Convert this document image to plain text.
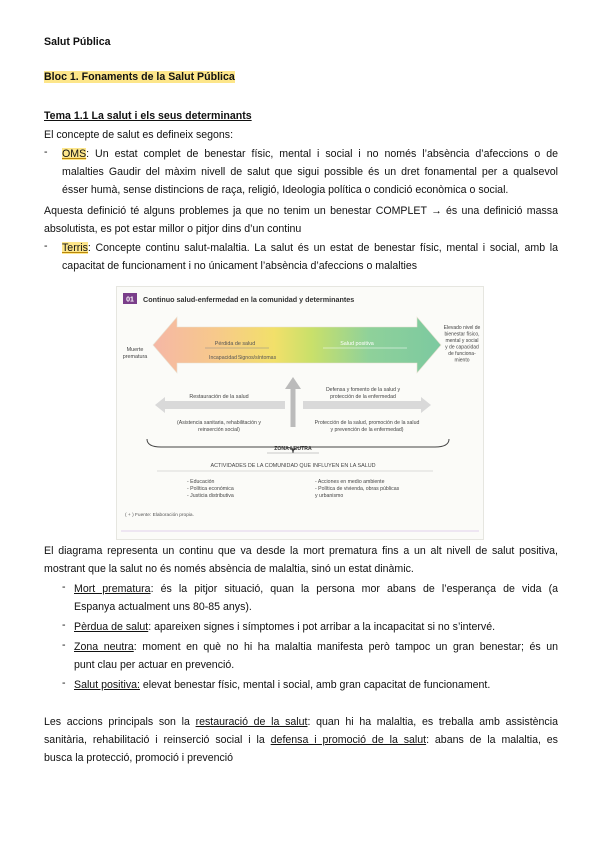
Salut Pública
Bloc 1. Fonaments de la Salut Pública
Tema 1.1 La salut i els seus determinants
El concepte de salut es defineix segons:
- OMS: Un estat complet de benestar físic, mental i social i no només l’absència d’afeccions o de
malalties Gaudir del màxim nivell de salut que sigui possible és un dret fonamental per a qualsevol
ésser humà, sense distincions de raça, religió, Ideologia política o condició econòmica o social.
Aquesta definició té alguns problemes ja que no tenim un benestar COMPLET → és una definició massa
absolutista, es pot estar millor o pitjor dins d’un continu
- Terris: Concepte continu salut-malaltia. La salut és un estat de benestar físic, mental i social, amb la
capacitat de funcionament i no únicament l’absència d’afeccions o malalties
01 Continuo salud-enfermedad en la comunidad y determinantes
Muerte
prematura
Pérdida de salud
Incapacidad Signos/síntomas
Salud positiva
Elevado nivel de
bienestar físico,
mental y social
y de capacidad
de funciona-
miento
Restauración de la salud
(Asistencia sanitaria, rehabilitación y
reinserción social)
Defensa y fomento de la salud y
protección de la enfermedad
Protección de la salud, promoción de la salud
y prevención de la enfermedad)
ZONA NEUTRA
ACTIVIDADES DE LA COMUNIDAD QUE INFLUYEN EN LA SALUD
- Educación
- Política económica
- Justicia distributiva
- Acciones en medio ambiente
- Política de vivienda, obras públicas
y urbanismo
( + ) Fuente: Elaboración propia.
El diagrama representa un continu que va desde la mort prematura fins a un alt nivell de salut positiva,
mostrant que la salut no és només absència de malaltia, sinó un estat dinàmic.
- Mort prematura: és la pitjor situació, quan la persona mor abans de l’esperança de vida (a
Espanya actualment uns 80-85 anys).
- Pèrdua de salut: apareixen signes i símptomes i pot arribar a la incapacitat si no s’intervé.
- Zona neutra: moment en què no hi ha malaltia manifesta però tampoc un gran benestar; és un
punt clau per actuar en prevenció.
- Salut positiva: elevat benestar físic, mental i social, amb gran capacitat de funcionament.
Les accions principals son la restauració de la salut: quan hi ha malaltia, es treballa amb assistència
sanitària, rehabilitació i reinserció social i la defensa i promoció de la salut: abans de la malaltia, es
busca la protecció, promoció i prevenció
